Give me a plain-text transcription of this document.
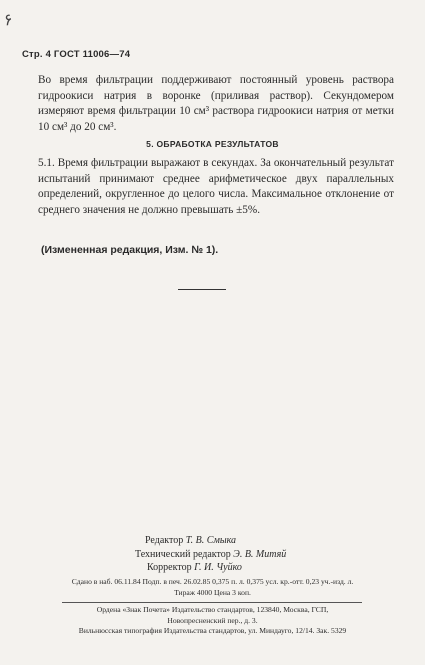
۶
Стр. 4 ГОСТ 11006—74
Во время фильтрации поддерживают постоянный уровень раствора гидроокиси натрия в воронке (приливая раствор). Секундомером измеряют время фильтрации 10 см³ раствора гидроокиси натрия от метки 10 см³ до 20 см³.
5. ОБРАБОТКА РЕЗУЛЬТАТОВ
5.1. Время фильтрации выражают в секундах. За окончательный результат испытаний принимают среднее арифметическое двух параллельных определений, округленное до целого числа. Максимальное отклонение от среднего значения не должно превышать ±5%.
(Измененная редакция, Изм. № 1).
Редактор Т. В. Смыка
Технический редактор Э. В. Митяй
Корректор Г. И. Чуйко
Сдано в наб. 06.11.84 Подп. в печ. 26.02.85 0,375 п. л. 0,375 усл. кр.-отт. 0,23 уч.-изд. л.
Тираж 4000 Цена 3 коп.
Ордена «Знак Почета» Издательство стандартов, 123840, Москва, ГСП,
Новопресненский пер., д. 3.
Вильнюсская типография Издательства стандартов, ул. Миндауго, 12/14. Зак. 5329
